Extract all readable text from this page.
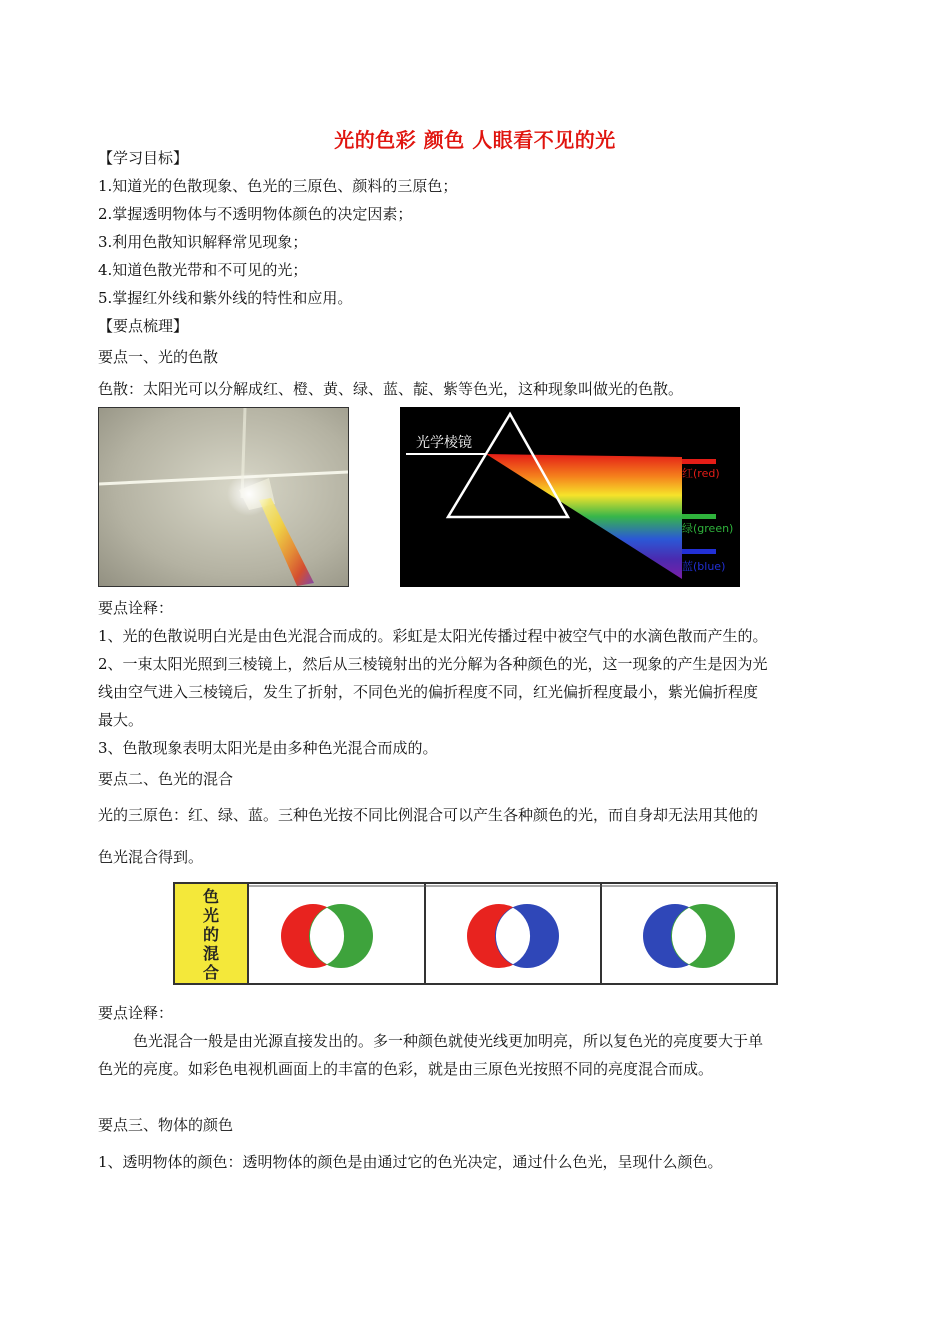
光的色彩 颜色 人眼看不见的光
【学习目标】
1.知道光的色散现象、色光的三原色、颜料的三原色；
2.掌握透明物体与不透明物体颜色的决定因素；
3.利用色散知识解释常见现象；
4.知道色散光带和不可见的光；
5.掌握红外线和紫外线的特性和应用。
【要点梳理】
要点一、光的色散
色散：太阳光可以分解成红、橙、黄、绿、蓝、靛、紫等色光，这种现象叫做光的色散。
光学棱镜
红(red)
绿(green)
蓝(blue)
要点诠释：
1、光的色散说明白光是由色光混合而成的。彩虹是太阳光传播过程中被空气中的水滴色散而产生的。
2、一束太阳光照到三棱镜上，然后从三棱镜射出的光分解为各种颜色的光，这一现象的产生是因为光
线由空气进入三棱镜后，发生了折射，不同色光的偏折程度不同，红光偏折程度最小，紫光偏折程度
最大。
3、色散现象表明太阳光是由多种色光混合而成的。
要点二、色光的混合
光的三原色：红、绿、蓝。三种色光按不同比例混合可以产生各种颜色的光，而自身却无法用其他的
色光混合得到。
色
光
的
混
合
要点诠释：
色光混合一般是由光源直接发出的。多一种颜色就使光线更加明亮，所以复色光的亮度要大于单
色光的亮度。如彩色电视机画面上的丰富的色彩，就是由三原色光按照不同的亮度混合而成。
要点三、物体的颜色
1、透明物体的颜色：透明物体的颜色是由通过它的色光决定，通过什么色光，呈现什么颜色。
